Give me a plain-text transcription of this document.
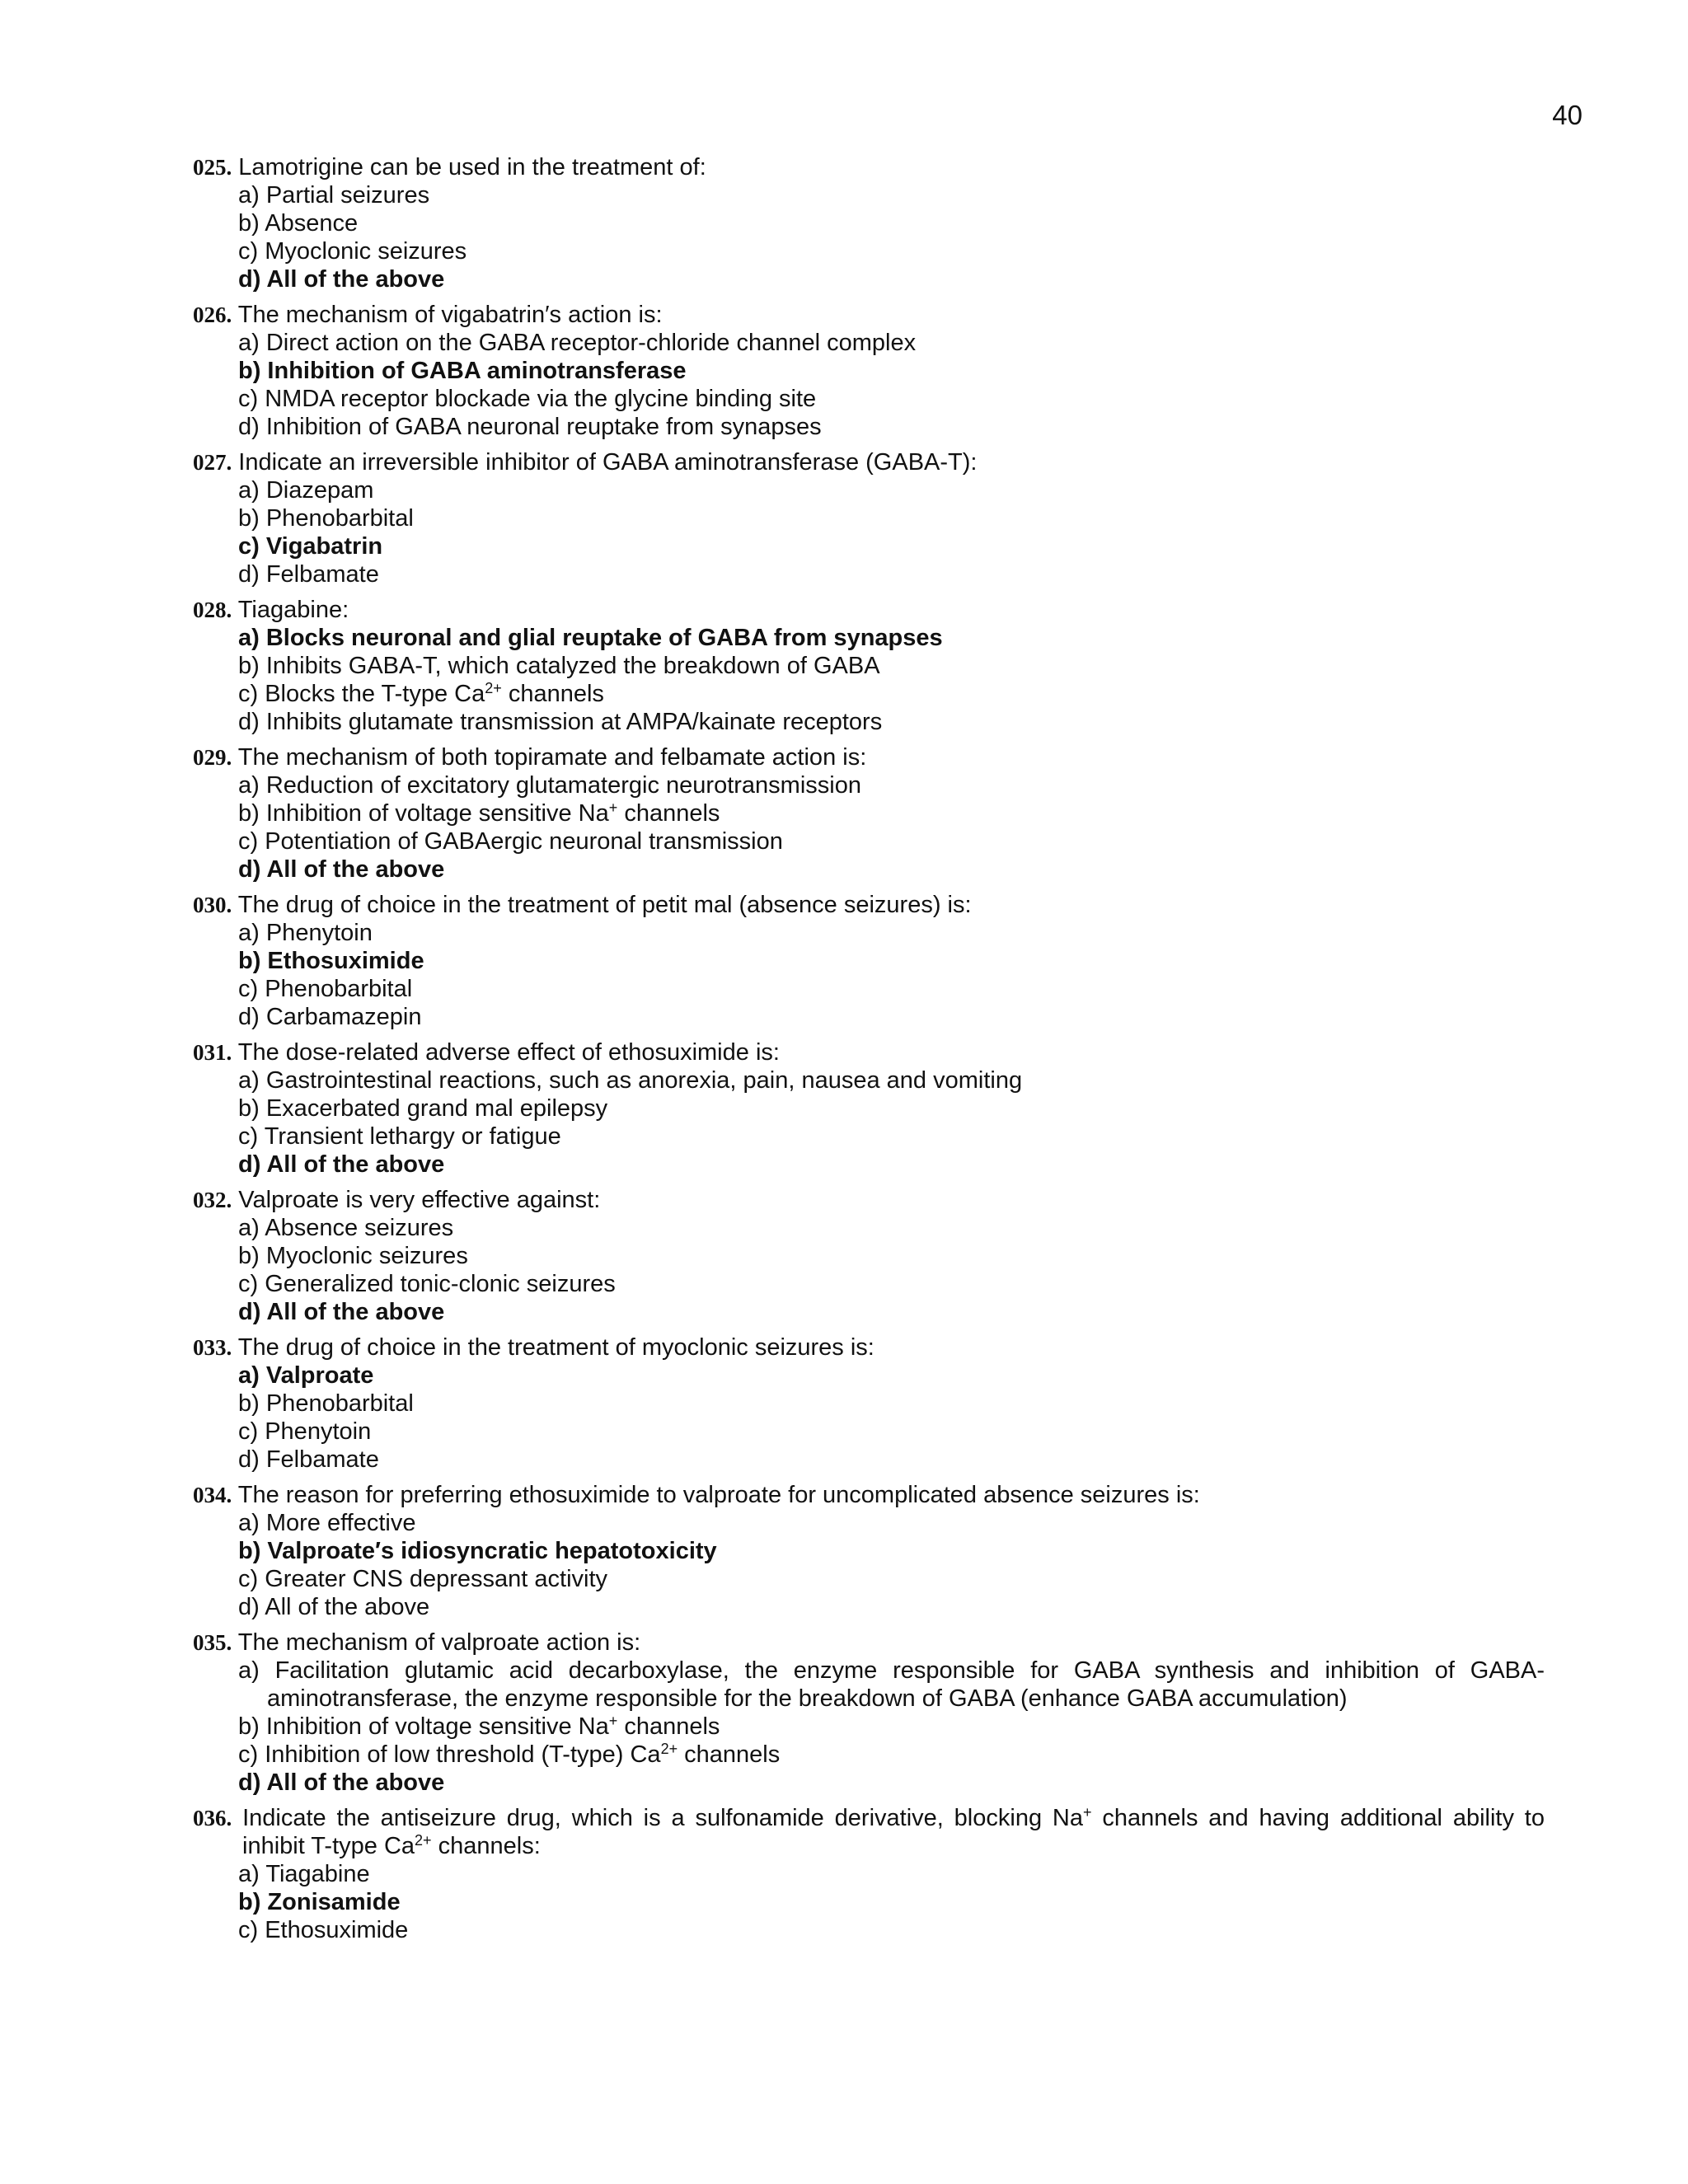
40
025. Lamotrigine can be used in the treatment of:
a) Partial seizures
b) Absence
c) Myoclonic seizures
d) All of the above
026. The mechanism of vigabatrin′s action is:
a) Direct action on the GABA receptor-chloride channel complex
b) Inhibition of GABA aminotransferase
c) NMDA receptor blockade via the glycine binding site
d) Inhibition of GABA neuronal reuptake from synapses
027. Indicate an irreversible inhibitor of GABA aminotransferase (GABA-T):
a) Diazepam
b) Phenobarbital
c) Vigabatrin
d) Felbamate
028. Tiagabine:
a) Blocks neuronal and glial reuptake of GABA from synapses
b) Inhibits GABA-T, which catalyzed the breakdown of GABA
c) Blocks the T-type $Ca^{2+}$ channels
d) Inhibits glutamate transmission at AMPA/kainate receptors
029. The mechanism of both topiramate and felbamate action is:
a) Reduction of excitatory glutamatergic neurotransmission
b) Inhibition of voltage sensitive Na+ channels
c) Potentiation of GABAergic neuronal transmission
d) All of the above
030. The drug of choice in the treatment of petit mal (absence seizures) is:
a) Phenytoin
b) Ethosuximide
c) Phenobarbital
d) Carbamazepin
031. The dose-related adverse effect of ethosuximide is:
a) Gastrointestinal reactions, such as anorexia, pain, nausea and vomiting
b) Exacerbated grand mal epilepsy
c) Transient lethargy or fatigue
d) All of the above
032. Valproate is very effective against:
a) Absence seizures
b) Myoclonic seizures
c) Generalized tonic-clonic seizures
d) All of the above
033. The drug of choice in the treatment of myoclonic seizures is:
a) Valproate
b) Phenobarbital
c) Phenytoin
d) Felbamate
034. The reason for preferring ethosuximide to valproate for uncomplicated absence seizures is:
a) More effective
b) Valproate′s idiosyncratic hepatotoxicity
c) Greater CNS depressant activity
d) All of the above
035. The mechanism of valproate action is:
a) Facilitation glutamic acid decarboxylase, the enzyme responsible for GABA synthesis and inhibition of GABA-aminotransferase, the enzyme responsible for the breakdown of GABA (enhance GABA accumulation)
b) Inhibition of voltage sensitive Na+ channels
c) Inhibition of low threshold (T-type) $Ca^{2+}$ channels
d) All of the above
036. Indicate the antiseizure drug, which is a sulfonamide derivative, blocking Na+ channels and having additional ability to inhibit T-type $Ca^{2+}$ channels:
a) Tiagabine
b) Zonisamide
c) Ethosuximide
